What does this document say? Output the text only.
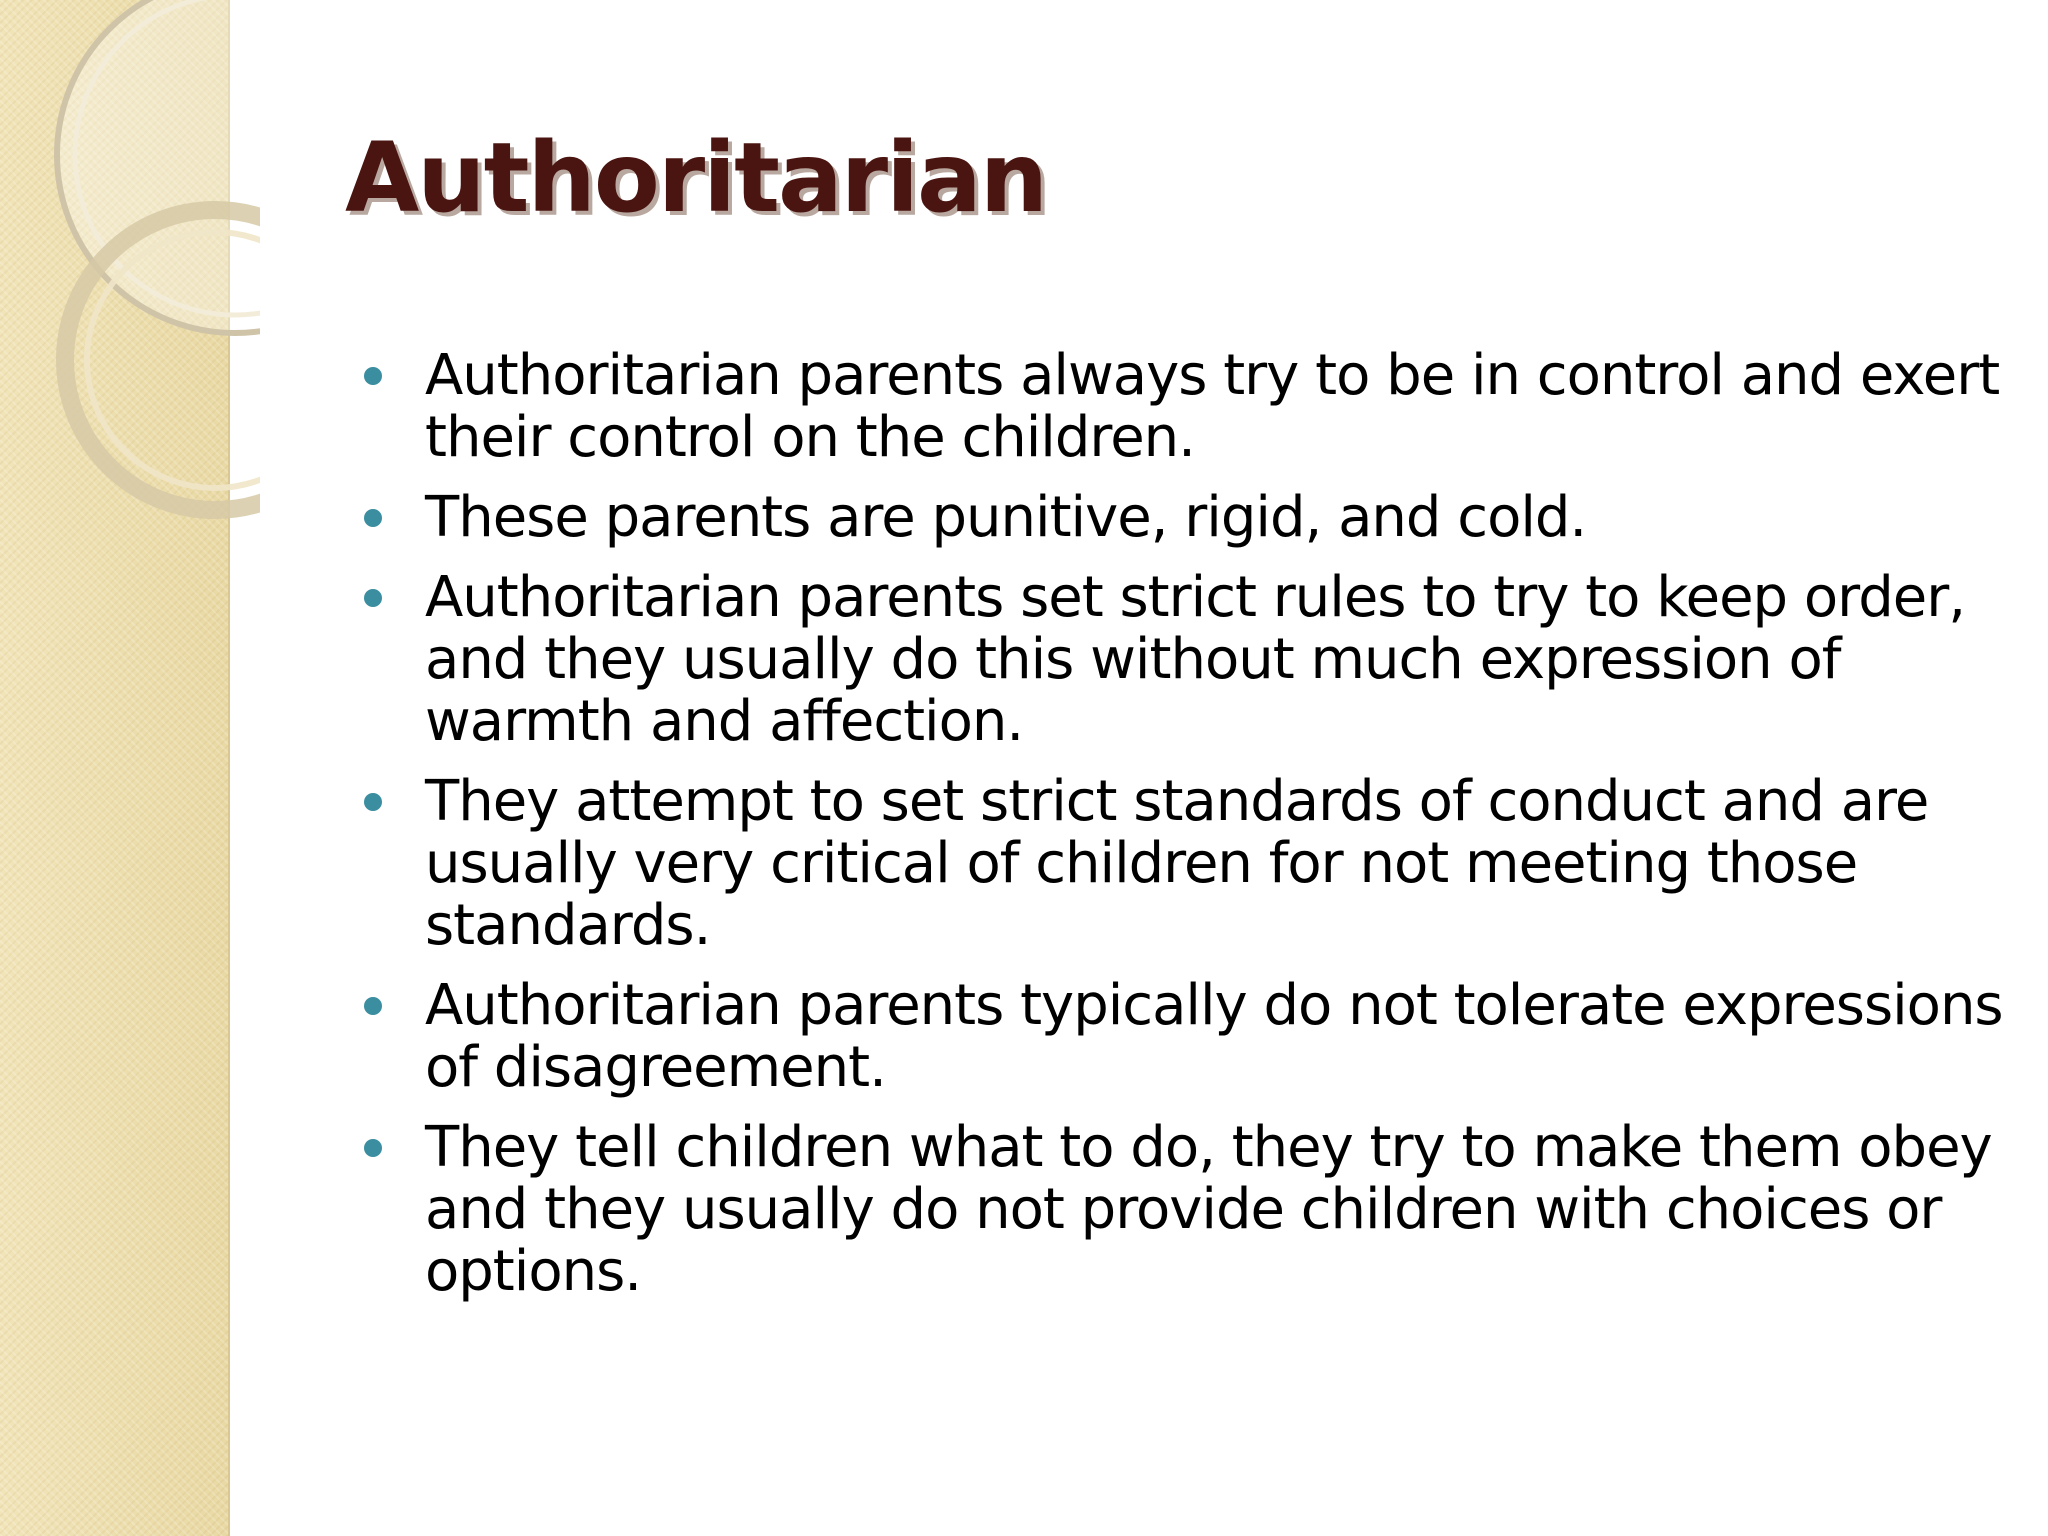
Authoritarian
Authoritarian parents always try to be in control and exert their control on the children.
These parents are punitive, rigid, and cold.
Authoritarian parents set strict rules to try to keep order, and they usually do this without much expression of warmth and affection.
They attempt to set strict standards of conduct and are usually very critical of children for not meeting those standards.
Authoritarian parents typically do not tolerate expressions of disagreement.
They tell children what to do, they try to make them obey and they usually do not provide children with choices or options.
